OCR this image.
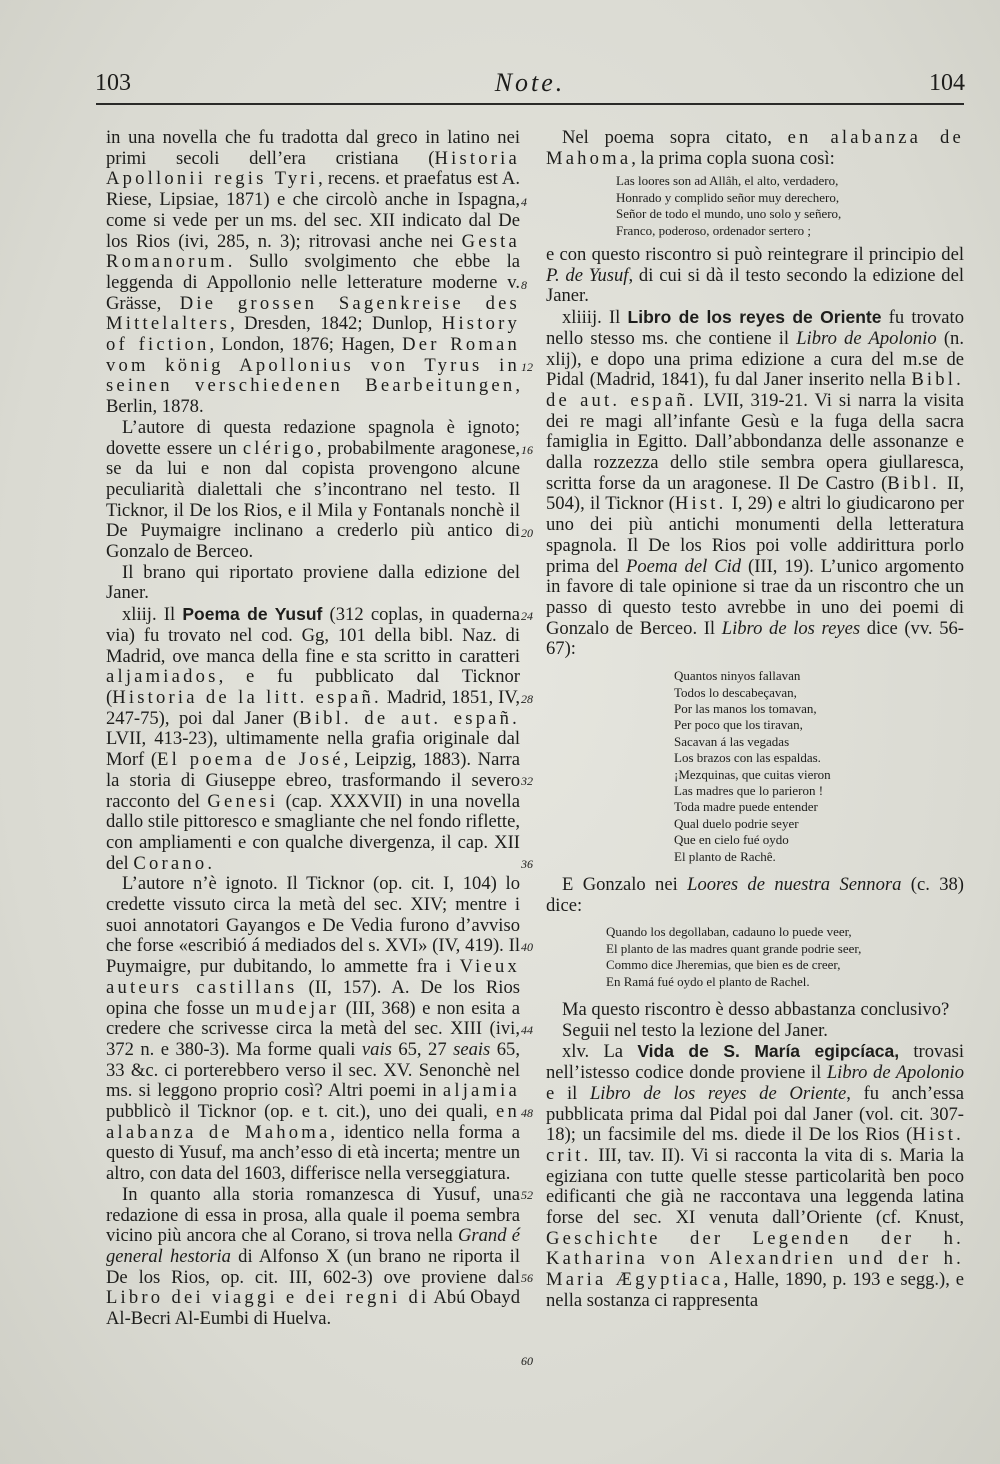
103	Note.	104

in una novella che fu tradotta dal greco in latino nei primi secoli dell’era cristiana (Historia Apollonii regis Tyri, recens. et praefatus est A. Riese, Lipsiae, 1871) e che circolò anche in Ispagna, come si vede per un ms. del sec. XII indicato dal De los Rios (ivi, 285, n. 3); ritrovasi anche nei Gesta Romanorum. Sullo svolgimento che ebbe la leggenda di Appollonio nelle letterature moderne v. Grässe, Die grossen Sagenkreise des Mittelalters, Dresden, 1842; Dunlop, History of fiction, London, 1876; Hagen, Der Roman vom könig Apollonius von Tyrus in seinen verschiedenen Bearbeitungen, Berlin, 1878.

L’autore di questa redazione spagnola è ignoto; dovette essere un clérigo, probabilmente aragonese, se da lui e non dal copista provengono alcune peculiarità dialettali che s’incontrano nel testo. Il Ticknor, il De los Rios, e il Mila y Fontanals nonchè il De Puymaigre inclinano a crederlo più antico di Gonzalo de Berceo.

Il brano qui riportato proviene dalla edizione del Janer.

xliij. Il Poema de Yusuf (312 coplas, in quaderna via) fu trovato nel cod. Gg, 101 della bibl. Naz. di Madrid, ove manca della fine e sta scritto in caratteri aljamiados, e fu pubblicato dal Ticknor (Historia de la litt. españ. Madrid, 1851, IV, 247-75), poi dal Janer (Bibl. de aut. españ. LVII, 413-23), ultimamente nella grafia originale dal Morf (El poema de José, Leipzig, 1883). Narra la storia di Giuseppe ebreo, trasformando il severo racconto del Genesi (cap. XXXVII) in una novella dallo stile pittoresco e smagliante che nel fondo riflette, con ampliamenti e con qualche divergenza, il cap. XII del Corano.

L’autore n’è ignoto. Il Ticknor (op. cit. I, 104) lo credette vissuto circa la metà del sec. XIV; mentre i suoi annotatori Gayangos e De Vedia furono d’avviso che forse «escribió á mediados del s. XVI» (IV, 419). Il Puymaigre, pur dubitando, lo ammette fra i Vieux auteurs castillans (II, 157). A. De los Rios opina che fosse un mudejar (III, 368) e non esita a credere che scrivesse circa la metà del sec. XIII (ivi, 372 n. e 380-3). Ma forme quali vais 65, 27 seais 65, 33 &c. ci porterebbero verso il sec. XV. Senonchè nel ms. si leggono proprio così? Altri poemi in aljamia pubblicò il Ticknor (op. e t. cit.), uno dei quali, en alabanza de Mahoma, identico nella forma a questo di Yusuf, ma anch’esso di età incerta; mentre un altro, con data del 1603, differisce nella verseggiatura.

In quanto alla storia romanzesca di Yusuf, una redazione di essa in prosa, alla quale il poema sembra vicino più ancora che al Corano, si trova nella Grand é general hestoria di Alfonso X (un brano ne riporta il De los Rios, op. cit. III, 602-3) ove proviene dal Libro dei viaggi e dei regni di Abú Obayd Al-Becri Al-Eumbi di Huelva.

4
8
12
16
20
24
28
32
36
40
44
48
52
56
60

Nel poema sopra citato, en alabanza de Mahoma, la prima copla suona così:

Las loores son ad Allâh, el alto, verdadero,
Honrado y complido señor muy derechero,
Señor de todo el mundo, uno solo y señero,
Franco, poderoso, ordenador sertero ;

e con questo riscontro si può reintegrare il principio del P. de Yusuf, di cui si dà il testo secondo la edizione del Janer.

xliiij. Il Libro de los reyes de Oriente fu trovato nello stesso ms. che contiene il Libro de Apolonio (n. xlij), e dopo una prima edizione a cura del m.se de Pidal (Madrid, 1841), fu dal Janer inserito nella Bibl. de aut. españ. LVII, 319-21. Vi si narra la visita dei re magi all’infante Gesù e la fuga della sacra famiglia in Egitto. Dall’abbondanza delle assonanze e dalla rozzezza dello stile sembra opera giullaresca, scritta forse da un aragonese. Il De Castro (Bibl. II, 504), il Ticknor (Hist. I, 29) e altri lo giudicarono per uno dei più antichi monumenti della letteratura spagnola. Il De los Rios poi volle addirittura porlo prima del Poema del Cid (III, 19). L’unico argomento in favore di tale opinione si trae da un riscontro che un passo di questo testo avrebbe in uno dei poemi di Gonzalo de Berceo. Il Libro de los reyes dice (vv. 56-67):

Quantos ninyos fallavan
Todos lo descabeçavan,
Por las manos los tomavan,
Per poco que los tiravan,
Sacavan á las vegadas
Los brazos con las espaldas.
¡Mezquinas, que cuitas vieron
Las madres que lo parieron !
Toda madre puede entender
Qual duelo podrie seyer
Que en cielo fué oydo
El planto de Rachê.

E Gonzalo nei Loores de nuestra Sennora (c. 38) dice:

Quando los degollaban, cadauno lo puede veer,
El planto de las madres quant grande podrie seer,
Commo dice Jheremias, que bien es de creer,
En Ramá fué oydo el planto de Rachel.

Ma questo riscontro è desso abbastanza conclusivo?

Seguii nel testo la lezione del Janer.

xlv. La Vida de S. María egipcíaca, trovasi nell’istesso codice donde proviene il Libro de Apolonio e il Libro de los reyes de Oriente, fu anch’essa pubblicata prima dal Pidal poi dal Janer (vol. cit. 307-18); un facsimile del ms. diede il De los Rios (Hist. crit. III, tav. II). Vi si racconta la vita di s. Maria la egiziana con tutte quelle stesse particolarità ben poco edificanti che già ne raccontava una leggenda latina forse del sec. XI venuta dall’Oriente (cf. Knust, Geschichte der Legenden der h. Katharina von Alexandrien und der h. Maria Ægyptiaca, Halle, 1890, p. 193 e segg.), e nella sostanza ci rappresenta
